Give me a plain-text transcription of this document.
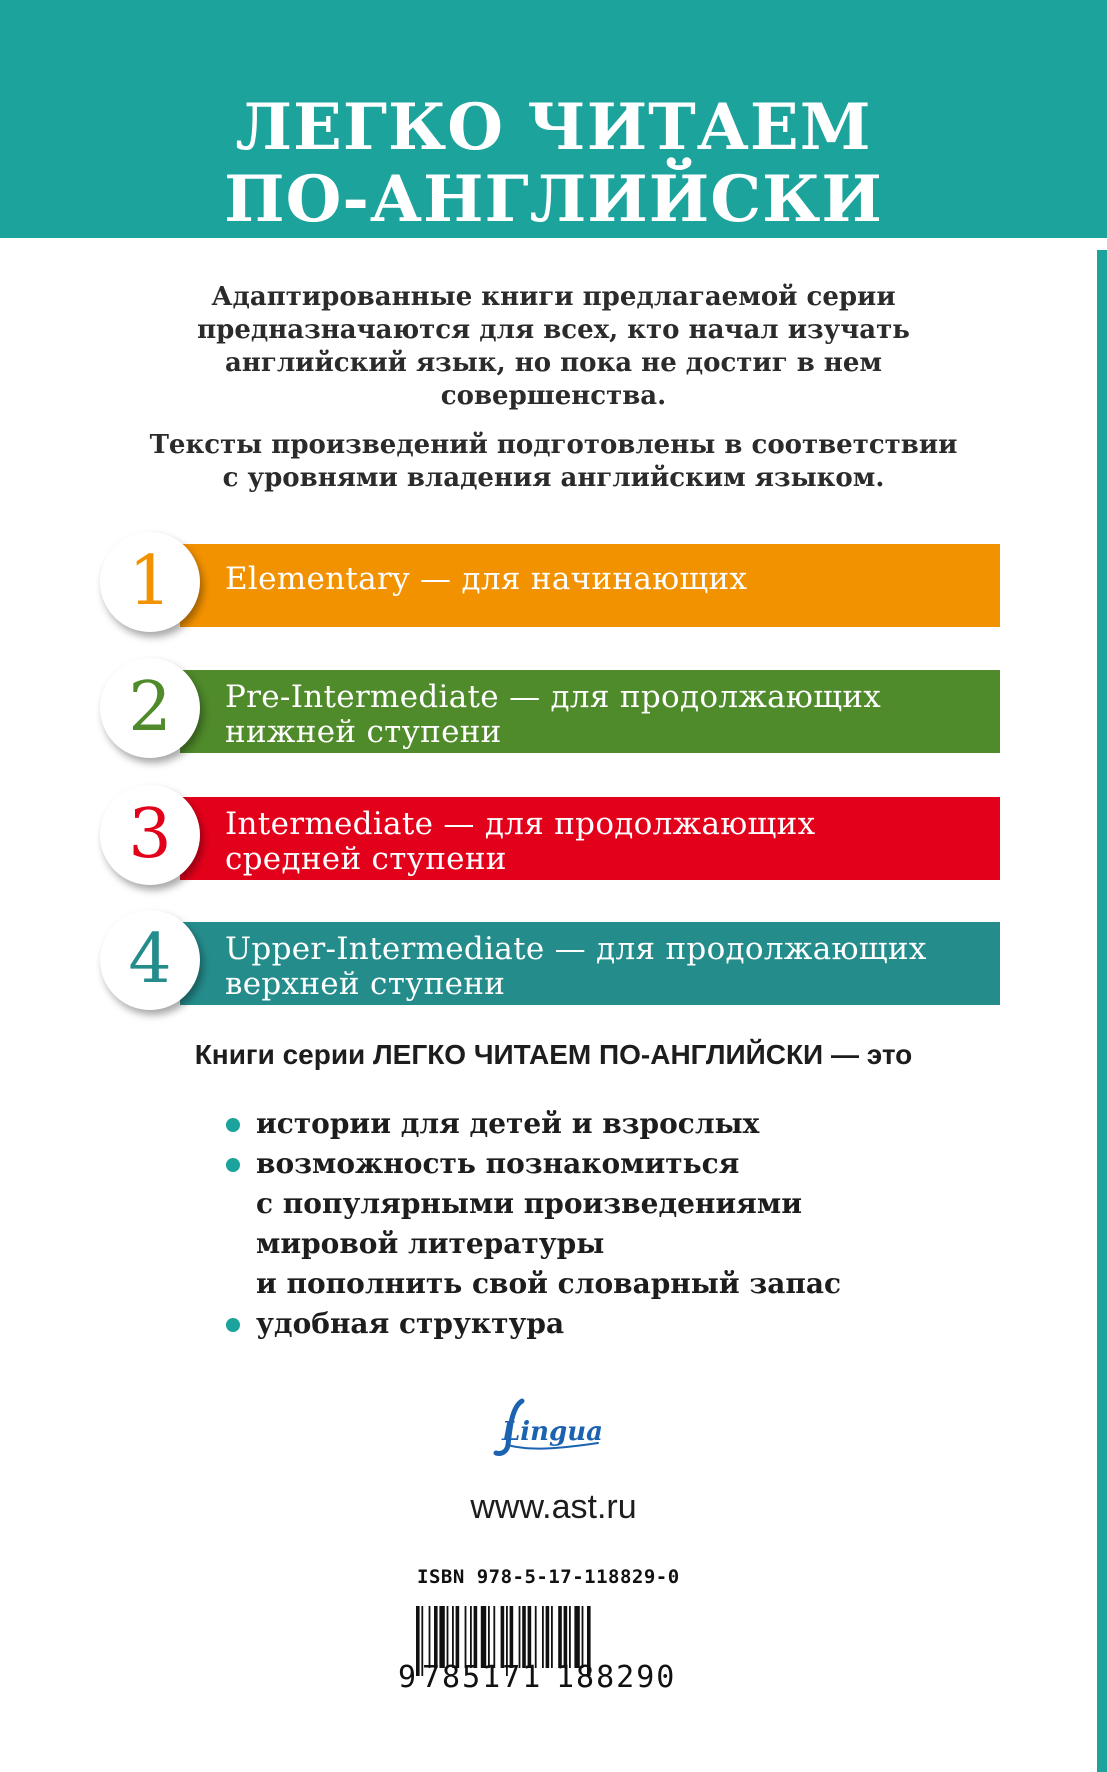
ЛЕГКО ЧИТАЕМ
ПО-АНГЛИЙСКИ
Адаптированные книги предлагаемой серии
предназначаются для всех, кто начал изучать
английский язык, но пока не достиг в нем
совершенства.
Тексты произведений подготовлены в соответствии
с уровнями владения английским языком.
Elementary — для начинающих
1
Pre-Intermediate — для продолжающих
нижней ступени
2
Intermediate — для продолжающих
средней ступени
3
Upper-Intermediate — для продолжающих
верхней ступени
4
Книги серии ЛЕГКО ЧИТАЕМ ПО-АНГЛИЙСКИ — это
истории для детей и взрослых
возможность познакомиться
с популярными произведениями
мировой литературы
и пополнить свой словарный запас
удобная структура
Lingua
www.ast.ru
ISBN 978-5-17-118829-0
9 785171 188290
